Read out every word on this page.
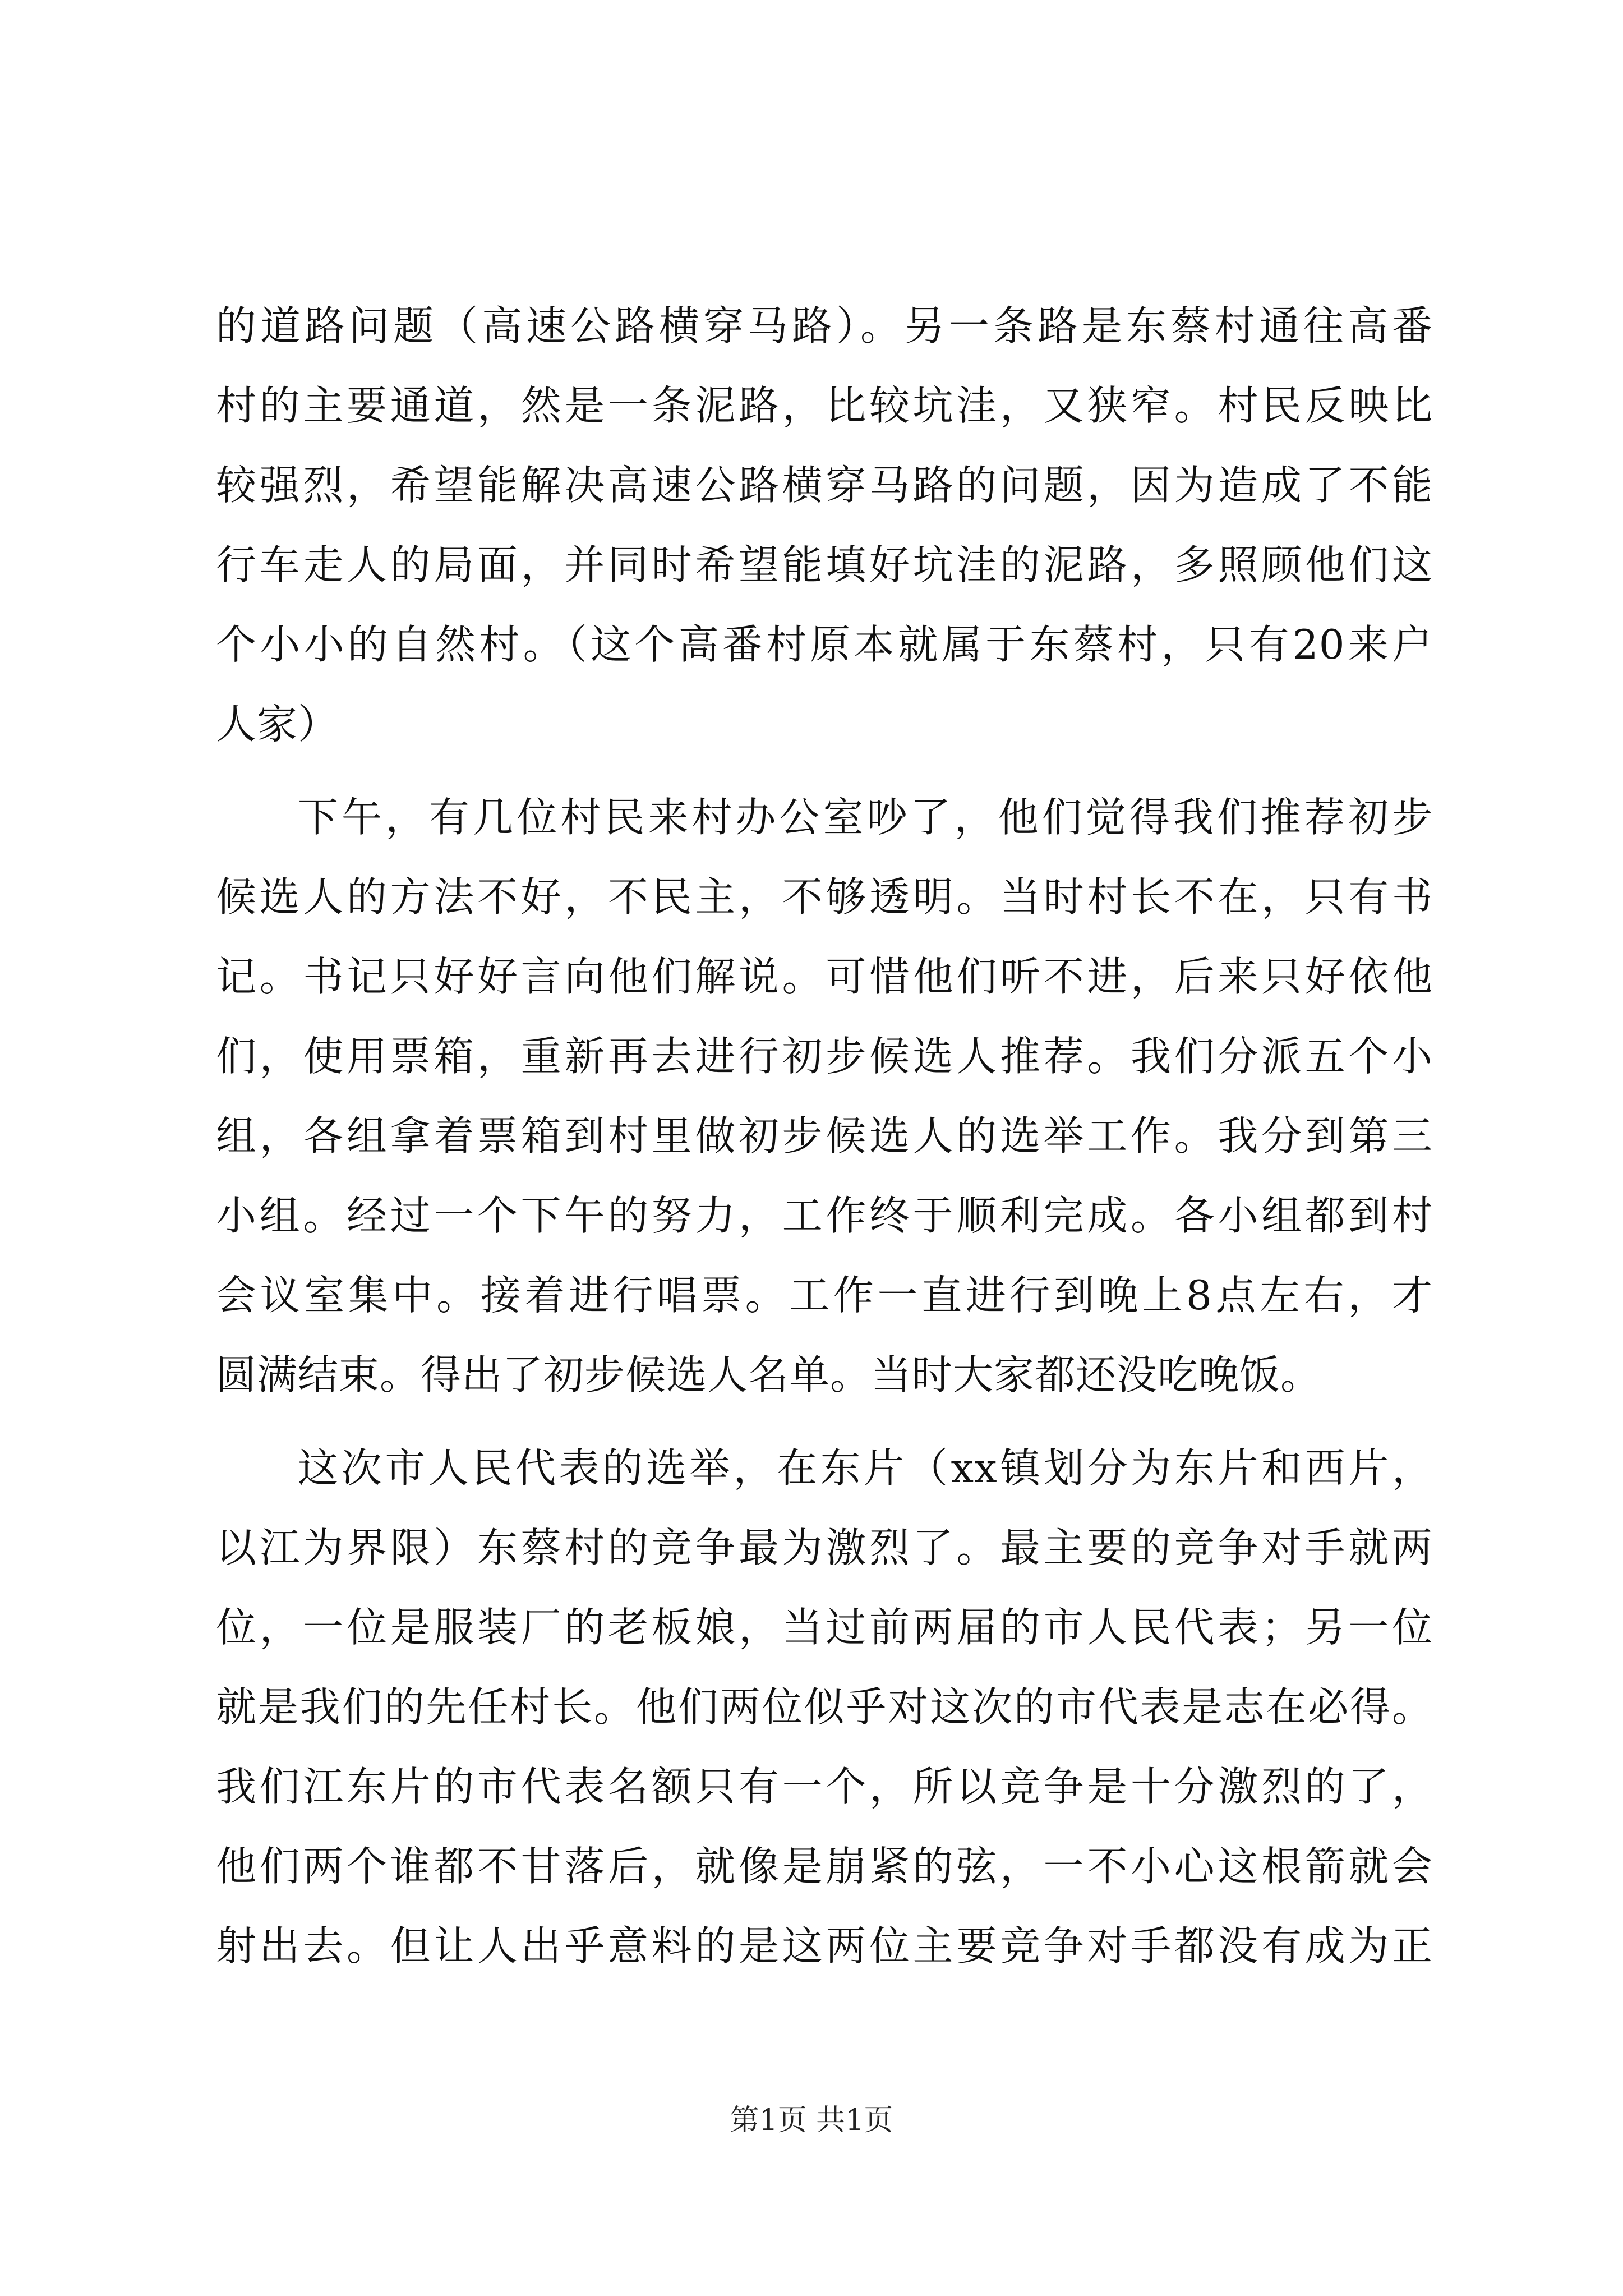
的道路问题（高速公路横穿马路）。另一条路是东蔡村通往高番
村的主要通道，然是一条泥路，比较坑洼，又狭窄。村民反映比
较强烈，希望能解决高速公路横穿马路的问题，因为造成了不能
行车走人的局面，并同时希望能填好坑洼的泥路，多照顾他们这
个小小的自然村。（这个高番村原本就属于东蔡村，只有20来户
人家）
下午，有几位村民来村办公室吵了，他们觉得我们推荐初步
候选人的方法不好，不民主，不够透明。当时村长不在，只有书
记。书记只好好言向他们解说。可惜他们听不进，后来只好依他
们，使用票箱，重新再去进行初步候选人推荐。我们分派五个小
组，各组拿着票箱到村里做初步候选人的选举工作。我分到第三
小组。经过一个下午的努力，工作终于顺利完成。各小组都到村
会议室集中。接着进行唱票。工作一直进行到晚上8点左右，才
圆满结束。得出了初步候选人名单。当时大家都还没吃晚饭。
这次市人民代表的选举，在东片（xx镇划分为东片和西片，
以江为界限）东蔡村的竞争最为激烈了。最主要的竞争对手就两
位，一位是服装厂的老板娘，当过前两届的市人民代表；另一位
就是我们的先任村长。他们两位似乎对这次的市代表是志在必得。
我们江东片的市代表名额只有一个，所以竞争是十分激烈的了，
他们两个谁都不甘落后，就像是崩紧的弦，一不小心这根箭就会
射出去。但让人出乎意料的是这两位主要竞争对手都没有成为正
第1页 共1页
